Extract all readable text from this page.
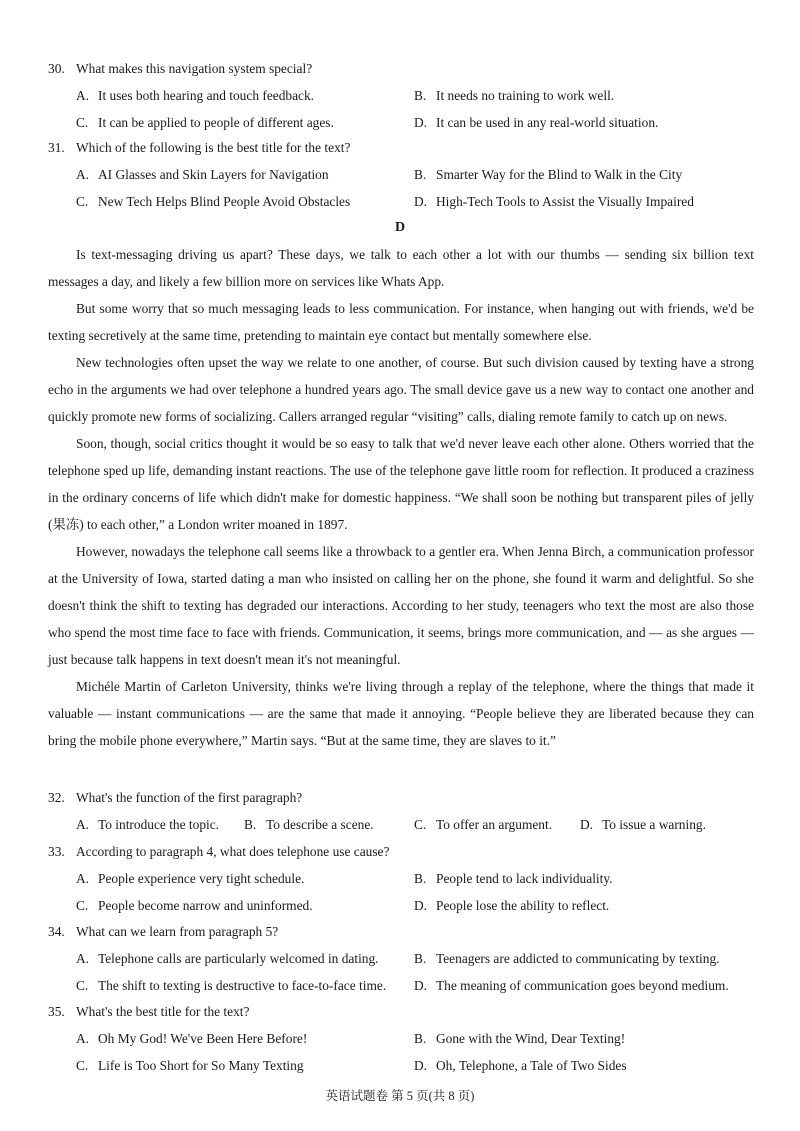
30. What makes this navigation system special?
A. It uses both hearing and touch feedback.	B. It needs no training to work well.
C. It can be applied to people of different ages.	D. It can be used in any real-world situation.
31. Which of the following is the best title for the text?
A. AI Glasses and Skin Layers for Navigation	B. Smarter Way for the Blind to Walk in the City
C. New Tech Helps Blind People Avoid Obstacles	D. High-Tech Tools to Assist the Visually Impaired
D

Is text-messaging driving us apart? These days, we talk to each other a lot with our thumbs — sending six billion text messages a day, and likely a few billion more on services like Whats App.

But some worry that so much messaging leads to less communication. For instance, when hanging out with friends, we'd be texting secretively at the same time, pretending to maintain eye contact but mentally somewhere else.

New technologies often upset the way we relate to one another, of course. But such division caused by texting have a strong echo in the arguments we had over telephone a hundred years ago. The small device gave us a new way to contact one another and quickly promote new forms of socializing. Callers arranged regular “visiting” calls, dialing remote family to catch up on news.

Soon, though, social critics thought it would be so easy to talk that we'd never leave each other alone. Others worried that the telephone sped up life, demanding instant reactions. The use of the telephone gave little room for reflection. It produced a craziness in the ordinary concerns of life which didn't make for domestic happiness. “We shall soon be nothing but transparent piles of jelly (果冻) to each other,” a London writer moaned in 1897.

However, nowadays the telephone call seems like a throwback to a gentler era. When Jenna Birch, a communication professor at the University of Iowa, started dating a man who insisted on calling her on the phone, she found it warm and delightful. So she doesn't think the shift to texting has degraded our interactions. According to her study, teenagers who text the most are also those who spend the most time face to face with friends. Communication, it seems, brings more communication, and — as she argues — just because talk happens in text doesn't mean it's not meaningful.

Michéle Martin of Carleton University, thinks we're living through a replay of the telephone, where the things that made it valuable — instant communications — are the same that made it annoying. “People believe they are liberated because they can bring the mobile phone everywhere,” Martin says. “But at the same time, they are slaves to it.”

32. What's the function of the first paragraph?
A. To introduce the topic. B. To describe a scene.	C. To offer an argument. D. To issue a warning.
33. According to paragraph 4, what does telephone use cause?
A. People experience very tight schedule.	B. People tend to lack individuality.
C. People become narrow and uninformed.	D. People lose the ability to reflect.
34. What can we learn from paragraph 5?
A. Telephone calls are particularly welcomed in dating.	B. Teenagers are addicted to communicating by texting.
C. The shift to texting is destructive to face-to-face time. D. The meaning of communication goes beyond medium.
35. What's the best title for the text?
A. Oh My God! We've Been Here Before!	B. Gone with the Wind, Dear Texting!
C. Life is Too Short for So Many Texting	D. Oh, Telephone, a Tale of Two Sides
英语试题卷 第 5 页(共 8 页)
